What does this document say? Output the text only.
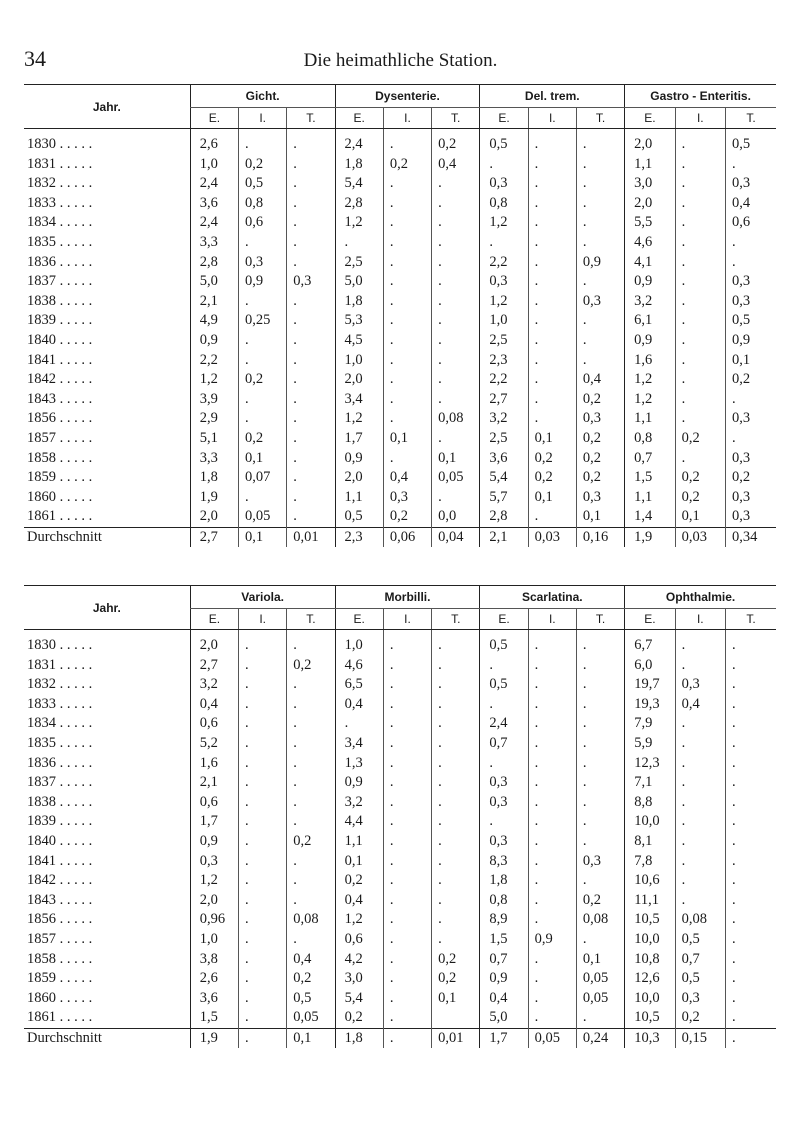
34	Die heimathliche Station.
Jahr.	Gicht.			Dysenterie.			Del. trem.			Gastro - Enteritis.		
	E.	I.	T.	E.	I.	T.	E.	I.	T.	E.	I.	T.
1830 . . . . .	2,6	.	.	2,4	.	0,2	0,5	.	.	2,0	.	0,5
1831 . . . . .	1,0	0,2	.	1,8	0,2	0,4	.	.	.	1,1	.	.
1832 . . . . .	2,4	0,5	.	5,4	.	.	0,3	.	.	3,0	.	0,3
1833 . . . . .	3,6	0,8	.	2,8	.	.	0,8	.	.	2,0	.	0,4
1834 . . . . .	2,4	0,6	.	1,2	.	.	1,2	.	.	5,5	.	0,6
1835 . . . . .	3,3	.	.	.	.	.	.	.	.	4,6	.	.
1836 . . . . .	2,8	0,3	.	2,5	.	.	2,2	.	0,9	4,1	.	.
1837 . . . . .	5,0	0,9	0,3	5,0	.	.	0,3	.	.	0,9	.	0,3
1838 . . . . .	2,1	.	.	1,8	.	.	1,2	.	0,3	3,2	.	0,3
1839 . . . . .	4,9	0,25	.	5,3	.	.	1,0	.	.	6,1	.	0,5
1840 . . . . .	0,9	.	.	4,5	.	.	2,5	.	.	0,9	.	0,9
1841 . . . . .	2,2	.	.	1,0	.	.	2,3	.	.	1,6	.	0,1
1842 . . . . .	1,2	0,2	.	2,0	.	.	2,2	.	0,4	1,2	.	0,2
1843 . . . . .	3,9	.	.	3,4	.	.	2,7	.	0,2	1,2	.	.
1856 . . . . .	2,9	.	.	1,2	.	0,08	3,2	.	0,3	1,1	.	0,3
1857 . . . . .	5,1	0,2	.	1,7	0,1	.	2,5	0,1	0,2	0,8	0,2	.
1858 . . . . .	3,3	0,1	.	0,9	.	0,1	3,6	0,2	0,2	0,7	.	0,3
1859 . . . . .	1,8	0,07	.	2,0	0,4	0,05	5,4	0,2	0,2	1,5	0,2	0,2
1860 . . . . .	1,9	.	.	1,1	0,3	.	5,7	0,1	0,3	1,1	0,2	0,3
1861 . . . . .	2,0	0,05	.	0,5	0,2	0,0	2,8	.	0,1	1,4	0,1	0,3
Durchschnitt	2,7	0,1	0,01	2,3	0,06	0,04	2,1	0,03	0,16	1,9	0,03	0,34
Jahr.	Variola.			Morbilli.			Scarlatina.			Ophthalmie.		
	E.	I.	T.	E.	I.	T.	E.	I.	T.	E.	I.	T.
1830 . . . . .	2,0	.	.	1,0	.	.	0,5	.	.	6,7	.	.
1831 . . . . .	2,7	.	0,2	4,6	.	.	.	.	.	6,0	.	.
1832 . . . . .	3,2	.	.	6,5	.	.	0,5	.	.	19,7	0,3	.
1833 . . . . .	0,4	.	.	0,4	.	.	.	.	.	19,3	0,4	.
1834 . . . . .	0,6	.	.	.	.	.	2,4	.	.	7,9	.	.
1835 . . . . .	5,2	.	.	3,4	.	.	0,7	.	.	5,9	.	.
1836 . . . . .	1,6	.	.	1,3	.	.	.	.	.	12,3	.	.
1837 . . . . .	2,1	.	.	0,9	.	.	0,3	.	.	7,1	.	.
1838 . . . . .	0,6	.	.	3,2	.	.	0,3	.	.	8,8	.	.
1839 . . . . .	1,7	.	.	4,4	.	.	.	.	.	10,0	.	.
1840 . . . . .	0,9	.	0,2	1,1	.	.	0,3	.	.	8,1	.	.
1841 . . . . .	0,3	.	.	0,1	.	.	8,3	.	0,3	7,8	.	.
1842 . . . . .	1,2	.	.	0,2	.	.	1,8	.	.	10,6	.	.
1843 . . . . .	2,0	.	.	0,4	.	.	0,8	.	0,2	11,1	.	.
1856 . . . . .	0,96	.	0,08	1,2	.	.	8,9	.	0,08	10,5	0,08	.
1857 . . . . .	1,0	.	.	0,6	.	.	1,5	0,9	.	10,0	0,5	.
1858 . . . . .	3,8	.	0,4	4,2	.	0,2	0,7	.	0,1	10,8	0,7	.
1859 . . . . .	2,6	.	0,2	3,0	.	0,2	0,9	.	0,05	12,6	0,5	.
1860 . . . . .	3,6	.	0,5	5,4	.	0,1	0,4	.	0,05	10,0	0,3	.
1861 . . . . .	1,5	.	0,05	0,2	.		5,0	.	.	10,5	0,2	.
Durchschnitt	1,9	.	0,1	1,8	.	0,01	1,7	0,05	0,24	10,3	0,15	.
